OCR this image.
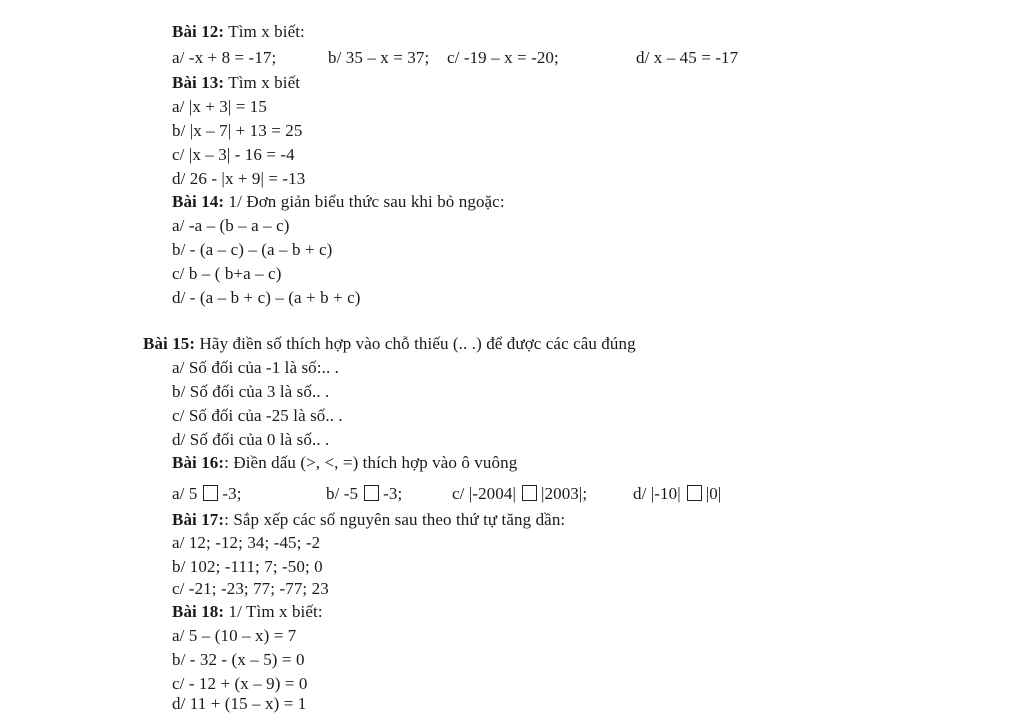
Bài 12: Tìm x biết:
a/ -x + 8 = -17;	b/ 35 – x = 37; c/ -19 – x = -20;	d/ x – 45 = -17
Bài 13: Tìm x biết
a/ |x + 3| = 15
b/ |x – 7| + 13 = 25
c/ |x – 3| - 16 = -4
d/ 26 - |x + 9| = -13
Bài 14: 1/ Đơn giản biểu thức sau khi bỏ ngoặc:
a/ -a – (b – a – c)
b/ - (a – c) – (a – b + c)
c/ b – ( b+a – c)
d/ - (a – b + c) – (a + b + c)
Bài 15: Hãy điền số thích hợp vào chỗ thiếu (.. .) để được các câu đúng
a/ Số đối của -1 là số:.. .
b/ Số đối của 3 là số.. .
c/ Số đối của -25 là số.. .
d/ Số đối của 0 là số.. .
Bài 16:: Điền dấu (>, <, =) thích hợp vào ô vuông
a/ 5 -3;	b/ -5 -3;	c/ |-2004| |2003|;	d/ |-10| |0|
Bài 17:: Sắp xếp các số nguyên sau theo thứ tự tăng dần:
a/ 12; -12; 34; -45; -2
b/ 102; -111; 7; -50; 0
c/ -21; -23; 77; -77; 23
Bài 18: 1/ Tìm x biết:
a/ 5 – (10 – x) = 7
b/ - 32 - (x – 5) = 0
c/ - 12 + (x – 9) = 0
d/ 11 + (15 – x) = 1
